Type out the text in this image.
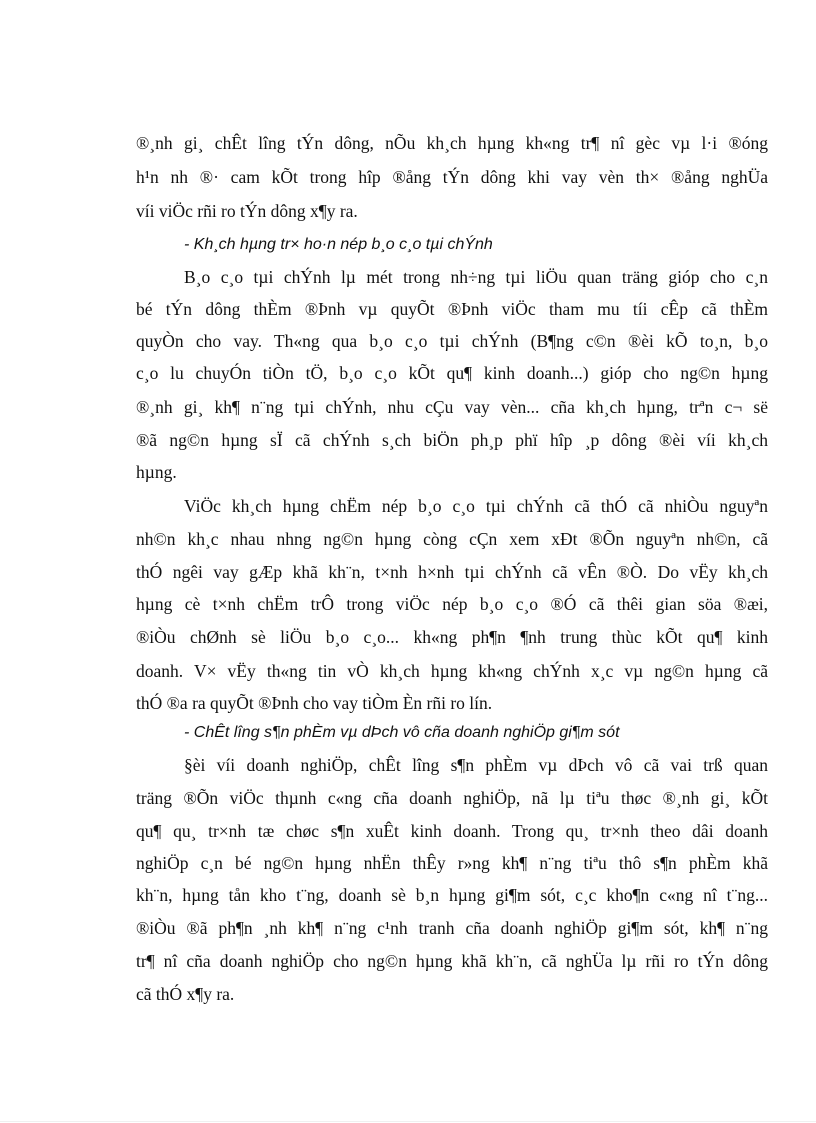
®¸nh gi¸ chÊt lîng tÝn dông, nÕu kh¸ch hµng kh«ng tr¶ nî gèc vµ l·i ®óng
h¹n nh ®· cam kÕt trong hîp ®ång tÝn dông khi vay vèn th× ®ång nghÜa
víi viÖc rñi ro tÝn dông x¶y ra.
- Kh¸ch hµng tr× ho·n nép b¸o c¸o tµi chÝnh
B¸o c¸o tµi chÝnh lµ mét trong nh÷ng tµi liÖu quan träng gióp cho c¸n
bé tÝn dông thÈm ®Þnh vµ quyÕt ®Þnh viÖc tham mu tíi cÊp cã thÈm
quyÒn cho vay. Th«ng qua b¸o c¸o tµi chÝnh (B¶ng c©n ®èi kÕ to¸n, b¸o
c¸o lu chuyÓn tiÒn tÖ, b¸o c¸o kÕt qu¶ kinh doanh...) gióp cho ng©n hµng
®¸nh gi¸ kh¶ n¨ng tµi chÝnh, nhu cÇu vay vèn... cña kh¸ch hµng, trªn c¬ së
®ã ng©n hµng sÏ cã chÝnh s¸ch biÖn ph¸p phï hîp ¸p dông ®èi víi kh¸ch
hµng.
ViÖc kh¸ch hµng chËm nép b¸o c¸o tµi chÝnh cã thÓ cã nhiÒu nguyªn
nh©n kh¸c nhau nhng ng©n hµng còng cÇn xem xÐt ®Õn nguyªn nh©n, cã
thÓ ngêi vay gÆp khã kh¨n, t×nh h×nh tµi chÝnh cã vÊn ®Ò. Do vËy kh¸ch
hµng cè t×nh chËm trÔ trong viÖc nép b¸o c¸o ®Ó cã thêi gian söa ®æi,
®iÒu chØnh sè liÖu b¸o c¸o... kh«ng ph¶n ¶nh trung thùc kÕt qu¶ kinh
doanh. V× vËy th«ng tin vÒ kh¸ch hµng kh«ng chÝnh x¸c vµ ng©n hµng cã
thÓ ®a ra quyÕt ®Þnh cho vay tiÒm Èn rñi ro lín.
- ChÊt lîng s¶n phÈm vµ dÞch vô cña doanh nghiÖp gi¶m sót
§èi víi doanh nghiÖp, chÊt lîng s¶n phÈm vµ dÞch vô cã vai trß quan
träng ®Õn viÖc thµnh c«ng cña doanh nghiÖp, nã lµ tiªu thøc ®¸nh gi¸ kÕt
qu¶ qu¸ tr×nh tæ chøc s¶n xuÊt kinh doanh. Trong qu¸ tr×nh theo dâi doanh
nghiÖp c¸n bé ng©n hµng nhËn thÊy r»ng kh¶ n¨ng tiªu thô s¶n phÈm khã
kh¨n, hµng tån kho t¨ng, doanh sè b¸n hµng gi¶m sót, c¸c kho¶n c«ng nî t¨ng...
®iÒu ®ã ph¶n ¸nh kh¶ n¨ng c¹nh tranh cña doanh nghiÖp gi¶m sót, kh¶ n¨ng
tr¶ nî cña doanh nghiÖp cho ng©n hµng khã kh¨n, cã nghÜa lµ rñi ro tÝn dông
cã thÓ x¶y ra.
